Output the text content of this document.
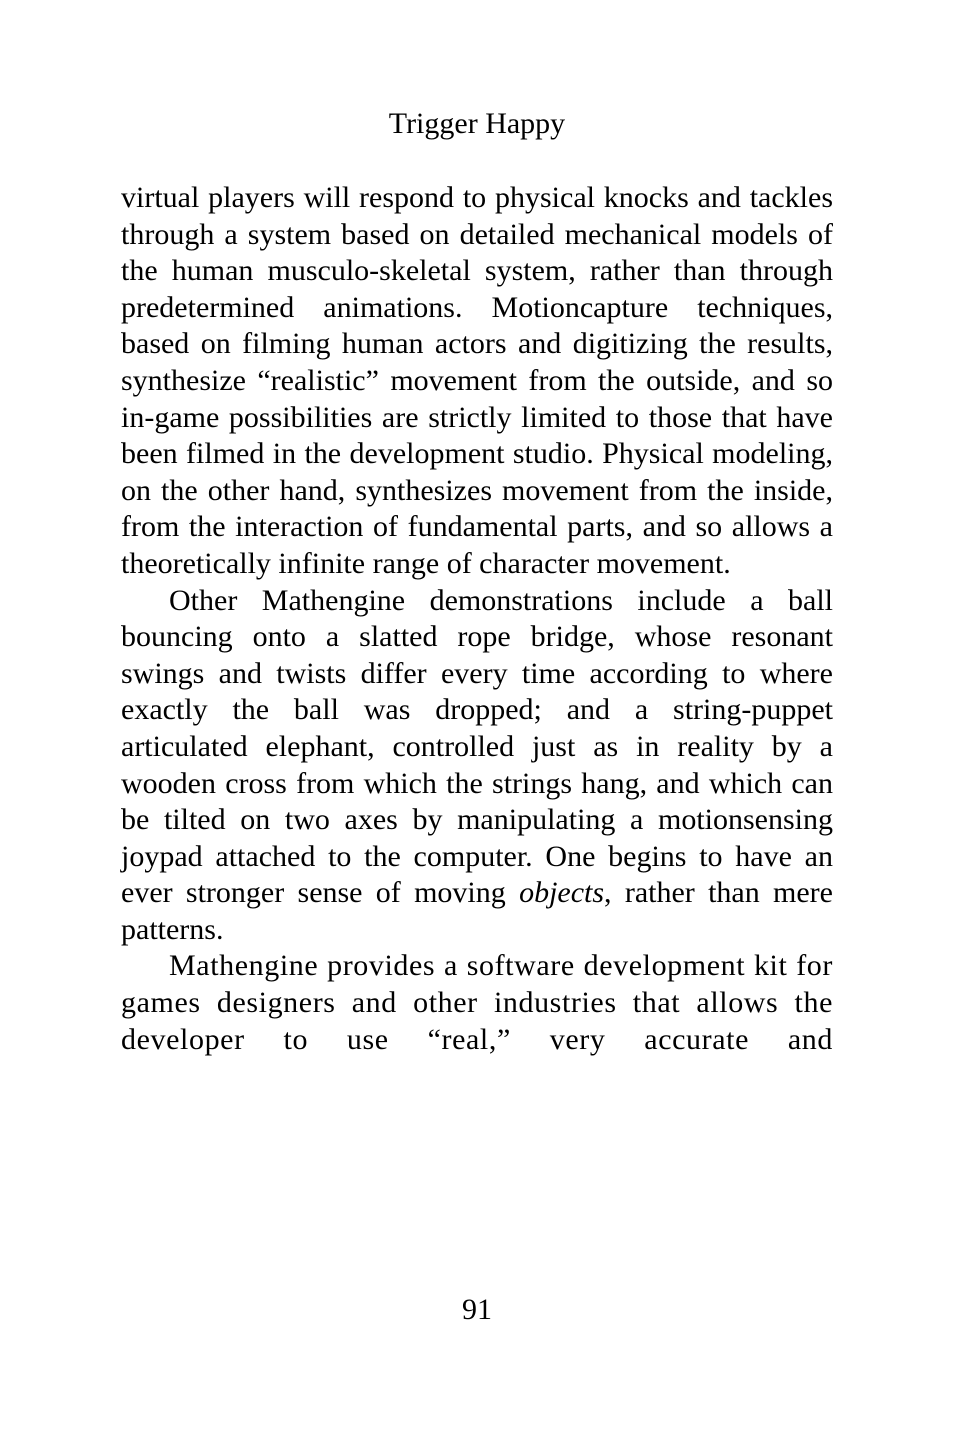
Trigger Happy

virtual players will respond to physical knocks and tackles through a system based on detailed mechanical models of the human musculo-skeletal system, rather than through predetermined animations. Motioncapture techniques, based on filming human actors and digitizing the results, synthesize “realistic” movement from the outside, and so in-game possibilities are strictly limited to those that have been filmed in the development studio. Physical modeling, on the other hand, synthesizes movement from the inside, from the interaction of fundamental parts, and so allows a theoretically infinite range of character movement.

Other Mathengine demonstrations include a ball bouncing onto a slatted rope bridge, whose resonant swings and twists differ every time according to where exactly the ball was dropped; and a string-puppet articulated elephant, controlled just as in reality by a wooden cross from which the strings hang, and which can be tilted on two axes by manipulating a motionsensing joypad attached to the computer. One begins to have an ever stronger sense of moving objects, rather than mere patterns.

Mathengine provides a software development kit for games designers and other industries that allows the developer to use “real,” very accurate and

91
